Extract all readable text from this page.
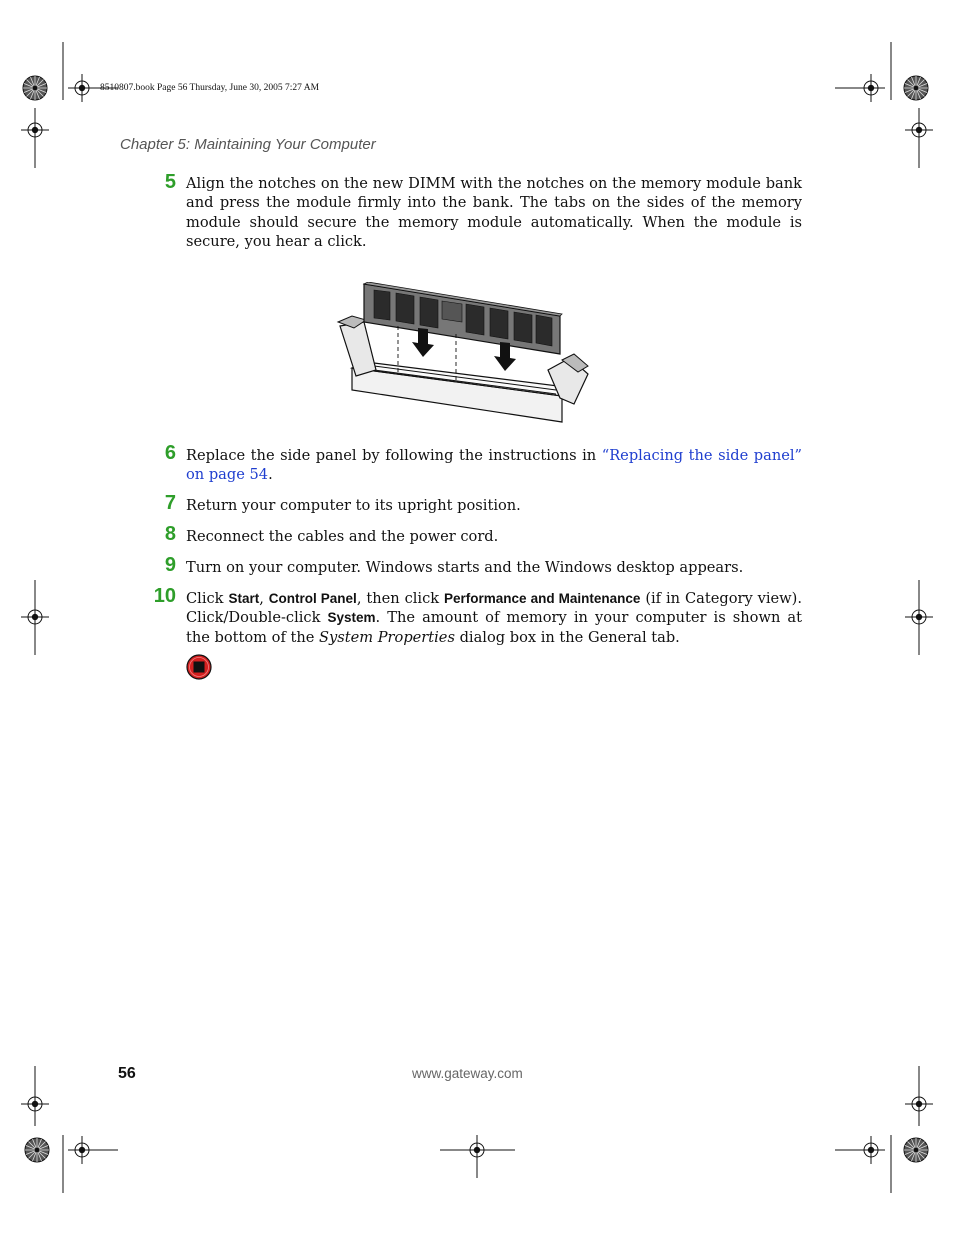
8510807.book Page 56 Thursday, June 30, 2005 7:27 AM
Chapter 5: Maintaining Your Computer
5 Align the notches on the new DIMM with the notches on the memory module bank and press the module firmly into the bank. The tabs on the sides of the memory module should secure the memory module automatically. When the module is secure, you hear a click.
6 Replace the side panel by following the instructions in “Replacing the side panel” on page 54.
7 Return your computer to its upright position.
8 Reconnect the cables and the power cord.
9 Turn on your computer. Windows starts and the Windows desktop appears.
10 Click Start, Control Panel, then click Performance and Maintenance (if in Category view). Click/Double-click System. The amount of memory in your computer is shown at the bottom of the System Properties dialog box in the General tab.
56	www.gateway.com
